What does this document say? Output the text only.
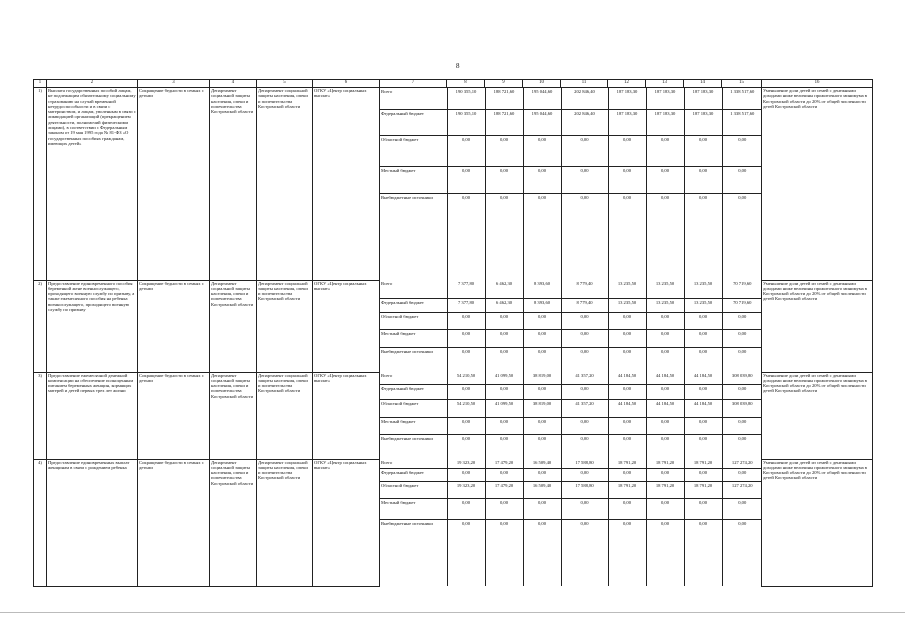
8
1	2	3	4	5	6	7	8	9	10	11	12	13	14	15	16
1)	Выплата государственных пособий лицам, не подлежащим обязательному социальному страхованию на случай временной нетрудоспособности и в связи с материнством, и лицам, уволенным в связи с ликвидацией организаций (прекращением деятельности, полномочий физическими лицами), в соответствии с Федеральным законом от 19 мая 1995 года № 81-ФЗ «О государственных пособиях гражданам, имеющих детей»	Сокращение бедности в семьях с детьми	Департамент социальной защиты населения, опеки и попечительства Костромской области	Департамент социальной защиты населения, опеки и попечительства Костромской области	ОГКУ «Центр социальных выплат»	
Всего	190 355,10	188 721,60	195 044,60	202 846,40	187 183,30	187 183,30	187 183,30	1 338 517,60
Федеральный бюджет	190 355,10	188 721,60	195 044,60	202 846,40	187 183,30	187 183,30	187 183,30	1 338 517,60
Областной бюджет	0,00	0,00	0,00	0,00	0,00	0,00	0,00	0,00
Местный бюджет	0,00	0,00	0,00	0,00	0,00	0,00	0,00	0,00
Внебюджетные источники	0,00	0,00	0,00	0,00	0,00	0,00	0,00	0,00
	Уменьшение доли детей из семей с денежными доходами ниже величины прожиточного минимума в Костромской области до 20% от общей численности детей Костромской области
2)	Предоставление единовременного пособия беременной жене военнослужащего, проходящего военную службу по призыву, а также ежемесячного пособия на ребенка военнослужащего, проходящего военную службу по призыву	Сокращение бедности в семьях с детьми	Департамент социальной защиты населения, опеки и попечительства Костромской области	Департамент социальной защиты населения, опеки и попечительства Костромской области	ОГКУ «Центр социальных выплат»	
Всего	7 377,80	6 462,30	8 393,60	8 779,40	13 235,50	13 235,50	13 235,50	70 719,60
Федеральный бюджет	7 377,80	6 462,30	8 393,60	8 779,40	13 235,50	13 235,50	13 235,50	70 719,60
Областной бюджет	0,00	0,00	0,00	0,00	0,00	0,00	0,00	0,00
Местный бюджет	0,00	0,00	0,00	0,00	0,00	0,00	0,00	0,00
Внебюджетные источники	0,00	0,00	0,00	0,00	0,00	0,00	0,00	0,00
	Уменьшение доли детей из семей с денежными доходами ниже величины прожиточного минимума в Костромской области до 20% от общей численности детей Костромской области
3)	Предоставление ежемесячной денежной компенсации на обеспечение полноценным питанием беременных женщин, кормящих матерей и детей первых трех лет жизни	Сокращение бедности в семьях с детьми	Департамент социальной защиты населения, опеки и попечительства Костромской области	Департамент социальной защиты населения, опеки и попечительства Костромской области	ОГКУ «Центр социальных выплат»	
Всего	54 210,50	41 099,50	38 819,00	41 357,20	44 184,50	44 184,50	44 184,50	308 039,80
Федеральный бюджет	0,00	0,00	0,00	0,00	0,00	0,00	0,00	0,00
Областной бюджет	54 210,50	41 099,50	38 819,00	41 357,20	44 184,50	44 184,50	44 184,50	308 039,80
Местный бюджет	0,00	0,00	0,00	0,00	0,00	0,00	0,00	0,00
Внебюджетные источники	0,00	0,00	0,00	0,00	0,00	0,00	0,00	0,00
	Уменьшение доли детей из семей с денежными доходами ниже величины прожиточного минимума в Костромской области до 20% от общей численности детей Костромской области
4)	Предоставление единовременных выплат женщинам в связи с рождением ребенка	Сокращение бедности в семьях с детьми	Департамент социальной защиты населения, опеки и попечительства Костромской области	Департамент социальной защиты населения, опеки и попечительства Костромской области	ОГКУ «Центр социальных выплат»	
Всего	19 323,20	17 479,20	16 509,40	17 588,80	18 791,20	18 791,20	18 791,20	127 274,20
Федеральный бюджет	0,00	0,00	0,00	0,00	0,00	0,00	0,00	0,00
Областной бюджет	19 323,20	17 479,20	16 509,40	17 588,80	18 791,20	18 791,20	18 791,20	127 274,20
Местный бюджет	0,00	0,00	0,00	0,00	0,00	0,00	0,00	0,00
Внебюджетные источники	0,00	0,00	0,00	0,00	0,00	0,00	0,00	0,00
	Уменьшение доли детей из семей с денежными доходами ниже величины прожиточного минимума в Костромской области до 20% от общей численности детей Костромской области
